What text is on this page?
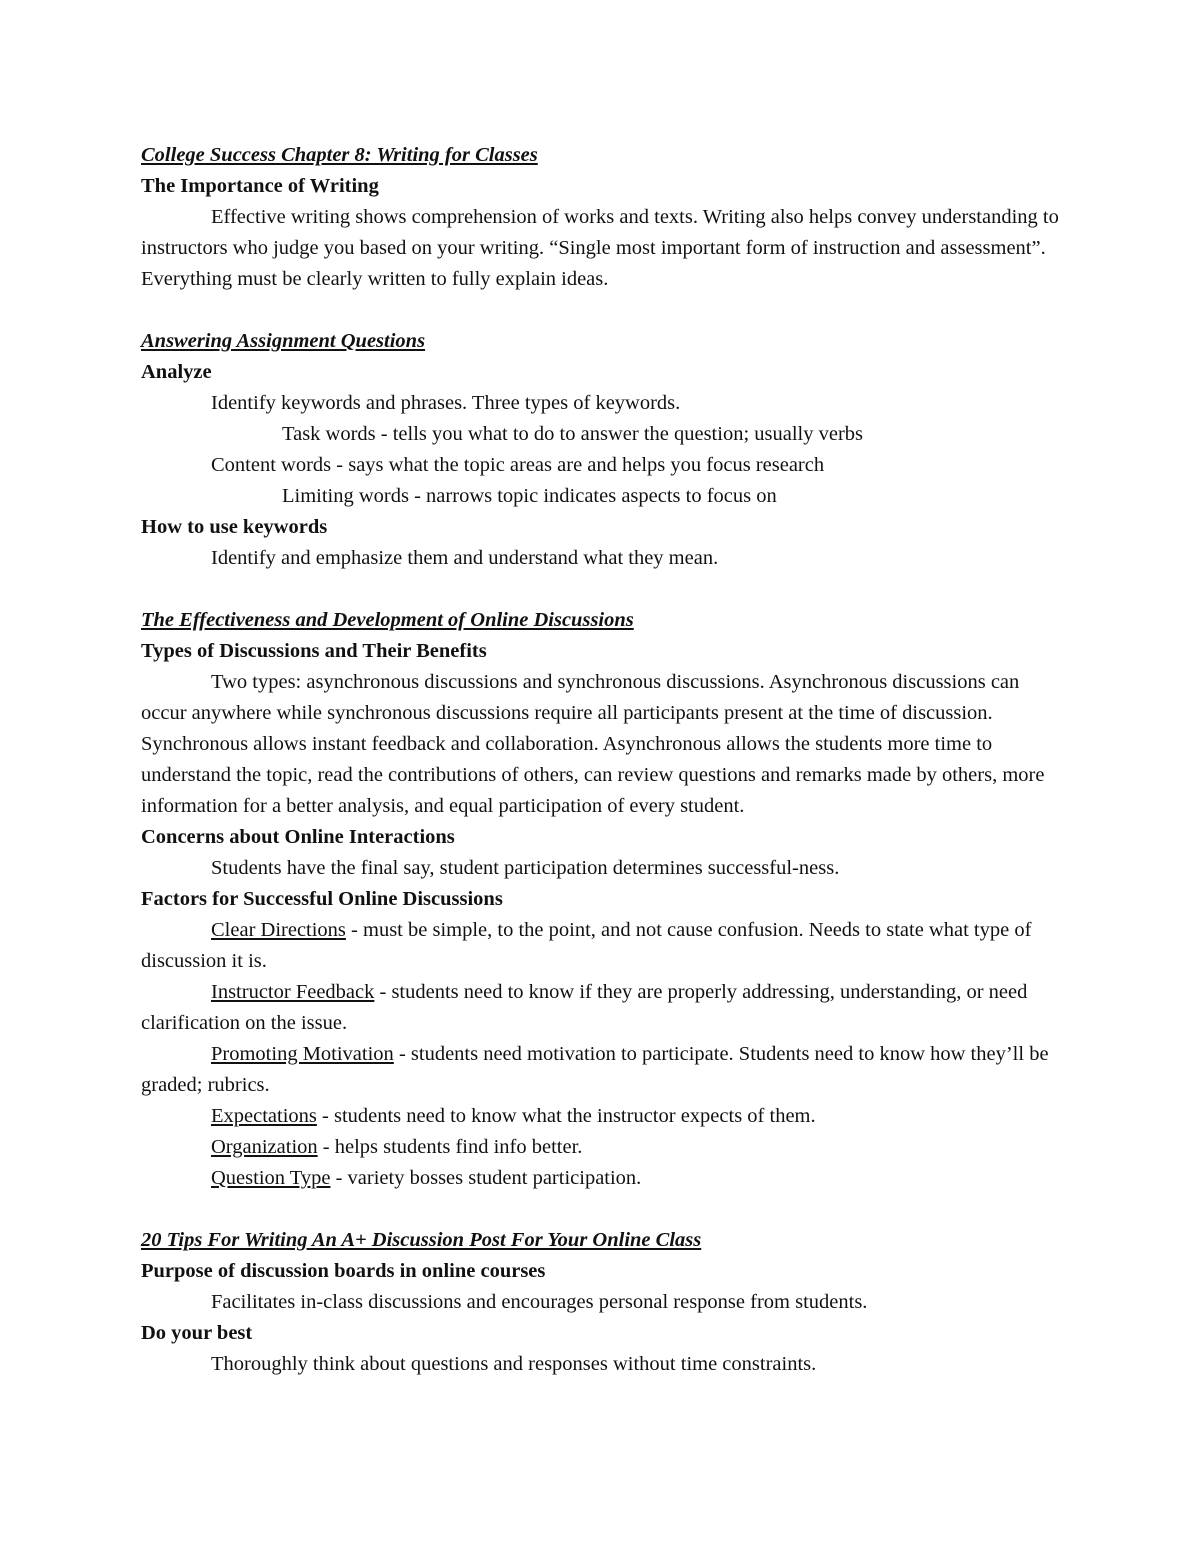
College Success Chapter 8: Writing for Classes
The Importance of Writing
Effective writing shows comprehension of works and texts. Writing also helps convey understanding to instructors who judge you based on your writing. “Single most important form of instruction and assessment”. Everything must be clearly written to fully explain ideas.
Answering Assignment Questions
Analyze
Identify keywords and phrases. Three types of keywords.
Task words - tells you what to do to answer the question; usually verbs
Content words - says what the topic areas are and helps you focus research
Limiting words - narrows topic indicates aspects to focus on
How to use keywords
Identify and emphasize them and understand what they mean.
The Effectiveness and Development of Online Discussions
Types of Discussions and Their Benefits
Two types: asynchronous discussions and synchronous discussions. Asynchronous discussions can occur anywhere while synchronous discussions require all participants present at the time of discussion. Synchronous allows instant feedback and collaboration. Asynchronous allows the students more time to understand the topic, read the contributions of others, can review questions and remarks made by others, more information for a better analysis, and equal participation of every student.
Concerns about Online Interactions
Students have the final say, student participation determines successful-ness.
Factors for Successful Online Discussions
Clear Directions - must be simple, to the point, and not cause confusion. Needs to state what type of discussion it is.
Instructor Feedback - students need to know if they are properly addressing, understanding, or need clarification on the issue.
Promoting Motivation - students need motivation to participate. Students need to know how they’ll be graded; rubrics.
Expectations - students need to know what the instructor expects of them.
Organization - helps students find info better.
Question Type - variety bosses student participation.
20 Tips For Writing An A+ Discussion Post For Your Online Class
Purpose of discussion boards in online courses
Facilitates in-class discussions and encourages personal response from students.
Do your best
Thoroughly think about questions and responses without time constraints.
